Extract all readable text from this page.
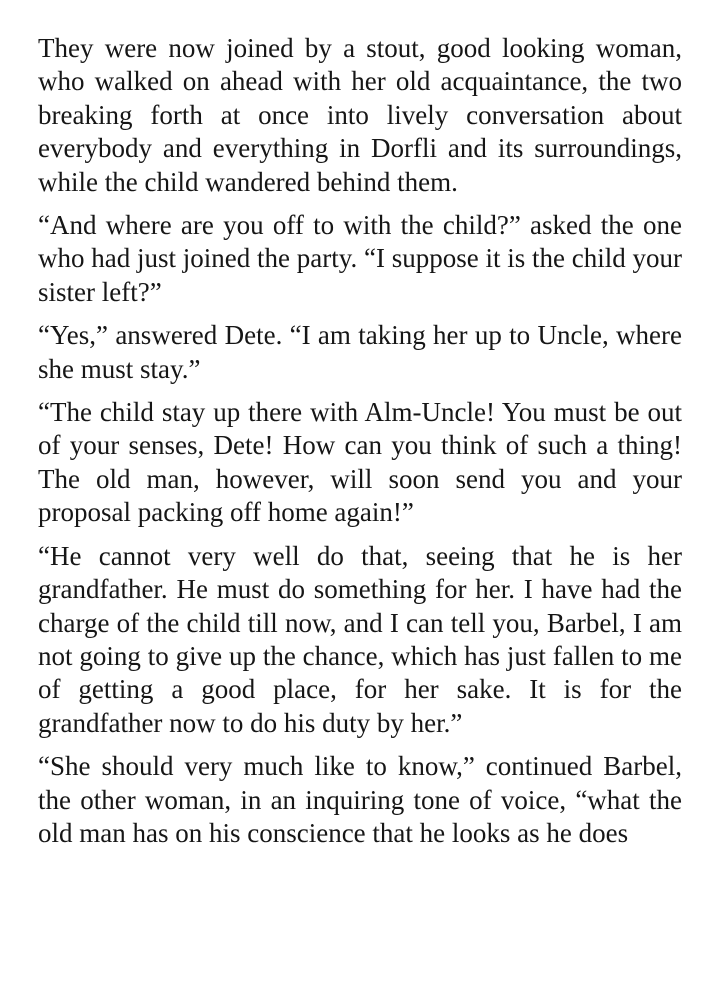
They were now joined by a stout, good looking woman, who walked on ahead with her old acquaintance, the two breaking forth at once into lively conversation about everybody and everything in Dorfli and its surroundings, while the child wandered behind them.

“And where are you off to with the child?” asked the one who had just joined the party. “I suppose it is the child your sister left?”

“Yes,” answered Dete. “I am taking her up to Uncle, where she must stay.”

“The child stay up there with Alm-Uncle! You must be out of your senses, Dete! How can you think of such a thing! The old man, however, will soon send you and your proposal packing off home again!”

“He cannot very well do that, seeing that he is her grandfather. He must do something for her. I have had the charge of the child till now, and I can tell you, Barbel, I am not going to give up the chance, which has just fallen to me of getting a good place, for her sake. It is for the grandfather now to do his duty by her.”

“She should very much like to know,” continued Barbel, the other woman, in an inquiring tone of voice, “what the old man has on his conscience that he looks as he does
